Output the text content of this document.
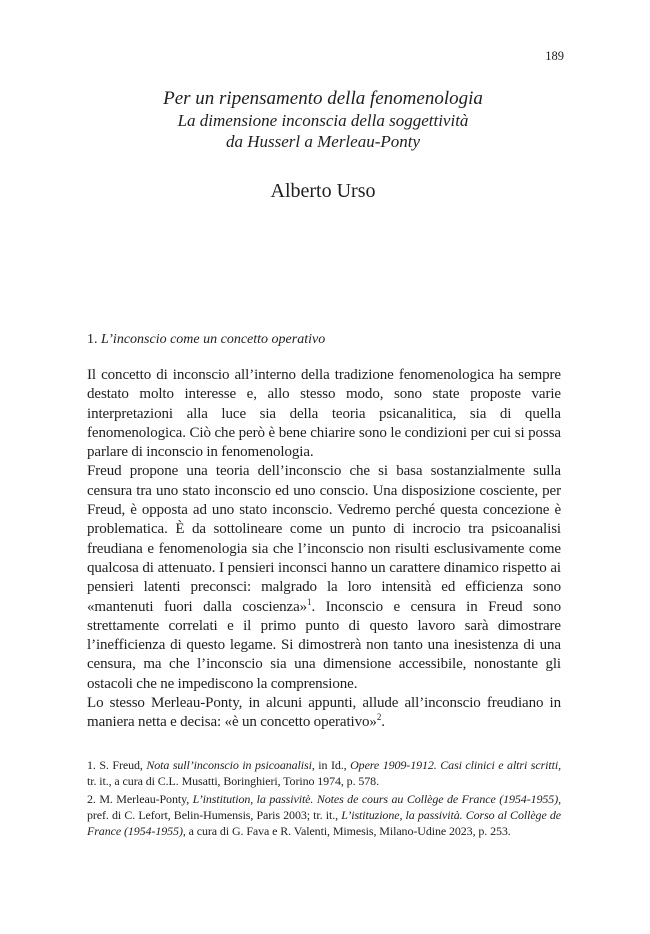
189
Per un ripensamento della fenomenologia
La dimensione inconscia della soggettività
da Husserl a Merleau-Ponty
Alberto Urso
1. L’inconscio come un concetto operativo

Il concetto di inconscio all’interno della tradizione fenomenologica ha sempre destato molto interesse e, allo stesso modo, sono state proposte varie interpretazioni alla luce sia della teoria psicanalitica, sia di quella fenomenologica. Ciò che però è bene chiarire sono le condizioni per cui si possa parlare di inconscio in fenomenologia.

Freud propone una teoria dell’inconscio che si basa sostanzialmente sulla censura tra uno stato inconscio ed uno conscio. Una disposizione cosciente, per Freud, è opposta ad uno stato inconscio. Vedremo perché questa concezione è problematica. È da sottolineare come un punto di incrocio tra psicoanalisi freudiana e fenomenologia sia che l’inconscio non risulti esclusivamente come qualcosa di attenuato. I pensieri inconsci hanno un carattere dinamico rispetto ai pensieri latenti preconsci: malgrado la loro intensità ed efficienza sono «mantenuti fuori dalla coscienza»$^1$. Inconscio e censura in Freud sono strettamente correlati e il primo punto di questo lavoro sarà dimostrare l’inefficienza di questo legame. Si dimostrerà non tanto una inesistenza di una censura, ma che l’inconscio sia una dimensione accessibile, nonostante gli ostacoli che ne impediscono la comprensione.

Lo stesso Merleau-Ponty, in alcuni appunti, allude all’inconscio freudiano in maniera netta e decisa: «è un concetto operativo»$^2$.

1. S. Freud, Nota sull’inconscio in psicoanalisi, in Id., Opere 1909-1912. Casi clinici e altri scritti, tr. it., a cura di C.L. Musatti, Boringhieri, Torino 1974, p. 578.

2. M. Merleau-Ponty, L’institution, la passivitè. Notes de cours au Collège de France (1954-1955), pref. di C. Lefort, Belin-Humensis, Paris 2003; tr. it., L’istituzione, la passività. Corso al Collège de France (1954-1955), a cura di G. Fava e R. Valenti, Mimesis, Milano-Udine 2023, p. 253.
